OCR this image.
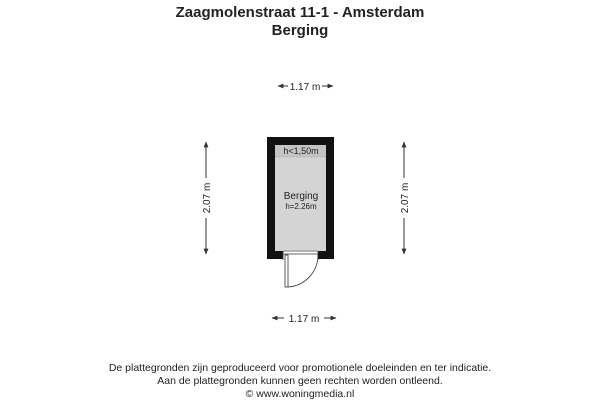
Zaagmolenstraat 11-1 - Amsterdam
Berging
1.17 m
1.17 m
2.07 m	2.07 m
h<1,50m
Berging
h=2.26m
De plattegronden zijn geproduceerd voor promotionele doeleinden en ter indicatie.
Aan de plattegronden kunnen geen rechten worden ontleend.
© www.woningmedia.nl
